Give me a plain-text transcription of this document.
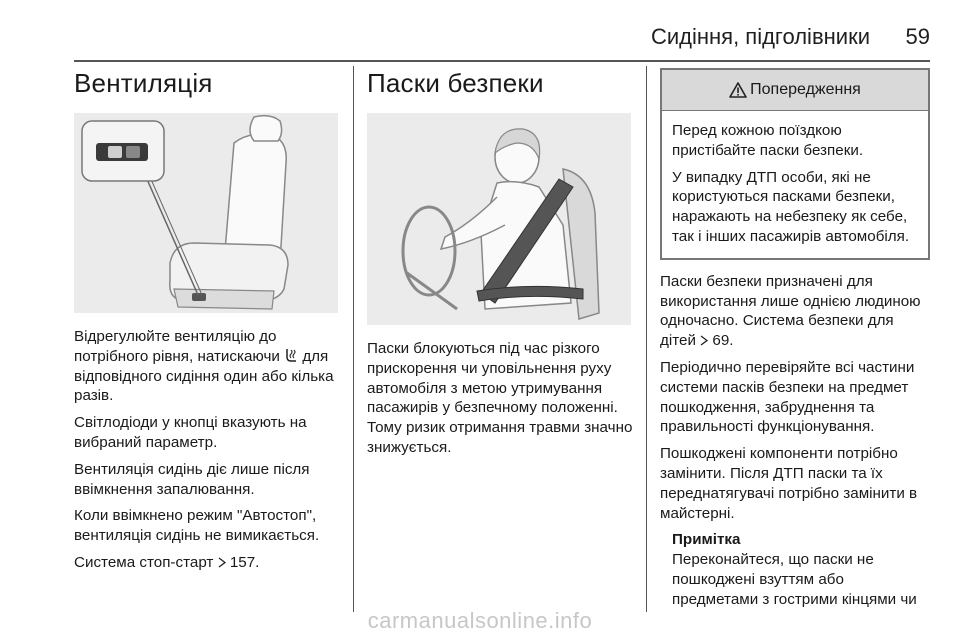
Сидіння, підголівники 59
Вентиляція

Відрегулюйте вентиляцію до потрібного рівня, натискаючи  для відповідного сидіння один або кілька разів.

Світлодіоди у кнопці вказують на вибраний параметр.

Вентиляція сидінь діє лише після ввімкнення запалювання.

Коли ввімкнено режим "Автостоп", вентиляція сидінь не вимикається.

Система стоп-старт  157.

Паски безпеки

Паски блокуються під час різкого прискорення чи уповільнення руху автомобіля з метою утримування пасажирів у безпечному положенні. Тому ризик отримання травми значно знижується.

Попередження

Перед кожною поїздкою пристібайте паски безпеки.

У випадку ДТП особи, які не користуються пасками безпеки, наражають на небезпеку як себе, так і інших пасажирів автомобіля.

Паски безпеки призначені для використання лише однією людиною одночасно. Система безпеки для дітей  69.

Періодично перевіряйте всі частини системи пасків безпеки на предмет пошкодження, забруднення та правильності функціонування.

Пошкоджені компоненти потрібно замінити. Після ДТП паски та їх переднатягувачі потрібно замінити в майстерні.

Примітка

Переконайтеся, що паски не пошкоджені взуттям або предметами з гострими кінцями чи

carmanualsonline.info
